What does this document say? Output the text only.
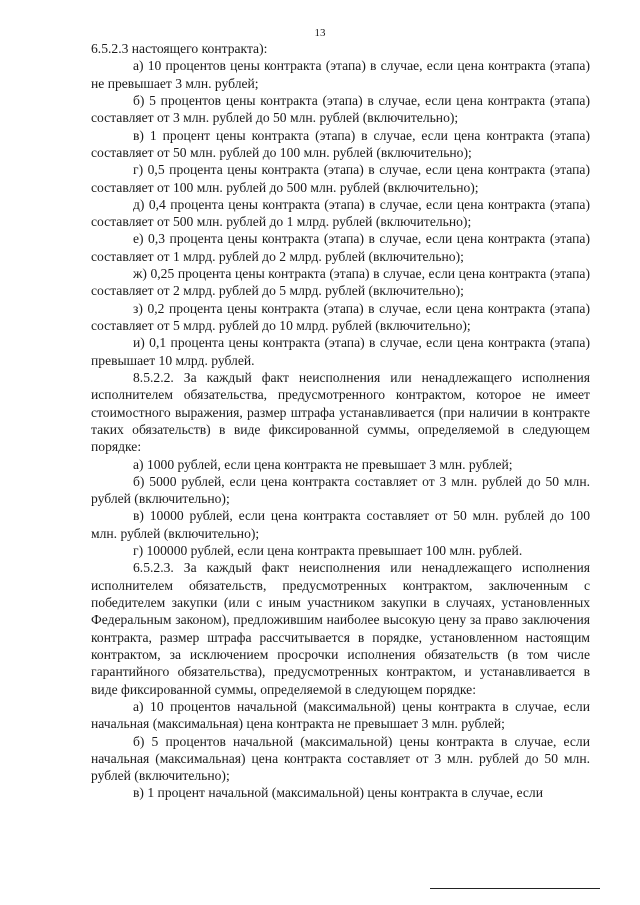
13

6.5.2.3 настоящего контракта):

а) 10 процентов цены контракта (этапа) в случае, если цена контракта (этапа) не превышает 3 млн. рублей;

б) 5 процентов цены контракта (этапа) в случае, если цена контракта (этапа) составляет от 3 млн. рублей до 50 млн. рублей (включительно);

в) 1 процент цены контракта (этапа) в случае, если цена контракта (этапа) составляет от 50 млн. рублей до 100 млн. рублей (включительно);

г) 0,5 процента цены контракта (этапа) в случае, если цена контракта (этапа) составляет от 100 млн. рублей до 500 млн. рублей (включительно);

д) 0,4 процента цены контракта (этапа) в случае, если цена контракта (этапа) составляет от 500 млн. рублей до 1 млрд. рублей (включительно);

е) 0,3 процента цены контракта (этапа) в случае, если цена контракта (этапа) составляет от 1 млрд. рублей до 2 млрд. рублей (включительно);

ж) 0,25 процента цены контракта (этапа) в случае, если цена контракта (этапа) составляет от 2 млрд. рублей до 5 млрд. рублей (включительно);

з) 0,2 процента цены контракта (этапа) в случае, если цена контракта (этапа) составляет от 5 млрд. рублей до 10 млрд. рублей (включительно);

и) 0,1 процента цены контракта (этапа) в случае, если цена контракта (этапа) превышает 10 млрд. рублей.

8.5.2.2. За каждый факт неисполнения или ненадлежащего исполнения исполнителем обязательства, предусмотренного контрактом, которое не имеет стоимостного выражения, размер штрафа устанавливается (при наличии в контракте таких обязательств) в виде фиксированной суммы, определяемой в следующем порядке:

а) 1000 рублей, если цена контракта не превышает 3 млн. рублей;

б) 5000 рублей, если цена контракта составляет от 3 млн. рублей до 50 млн. рублей (включительно);

в) 10000 рублей, если цена контракта составляет от 50 млн. рублей до 100 млн. рублей (включительно);

г) 100000 рублей, если цена контракта превышает 100 млн. рублей.

6.5.2.3. За каждый факт неисполнения или ненадлежащего исполнения исполнителем обязательств, предусмотренных контрактом, заключенным с победителем закупки (или с иным участником закупки в случаях, установленных Федеральным законом), предложившим наиболее высокую цену за право заключения контракта, размер штрафа рассчитывается в порядке, установленном настоящим контрактом, за исключением просрочки исполнения обязательств (в том числе гарантийного обязательства), предусмотренных контрактом, и устанавливается в виде фиксированной суммы, определяемой в следующем порядке:

а) 10 процентов начальной (максимальной) цены контракта в случае, если начальная (максимальная) цена контракта не превышает 3 млн. рублей;

б) 5 процентов начальной (максимальной) цены контракта в случае, если начальная (максимальная) цена контракта составляет от 3 млн. рублей до 50 млн. рублей (включительно);

в) 1 процент начальной (максимальной) цены контракта в случае, если
